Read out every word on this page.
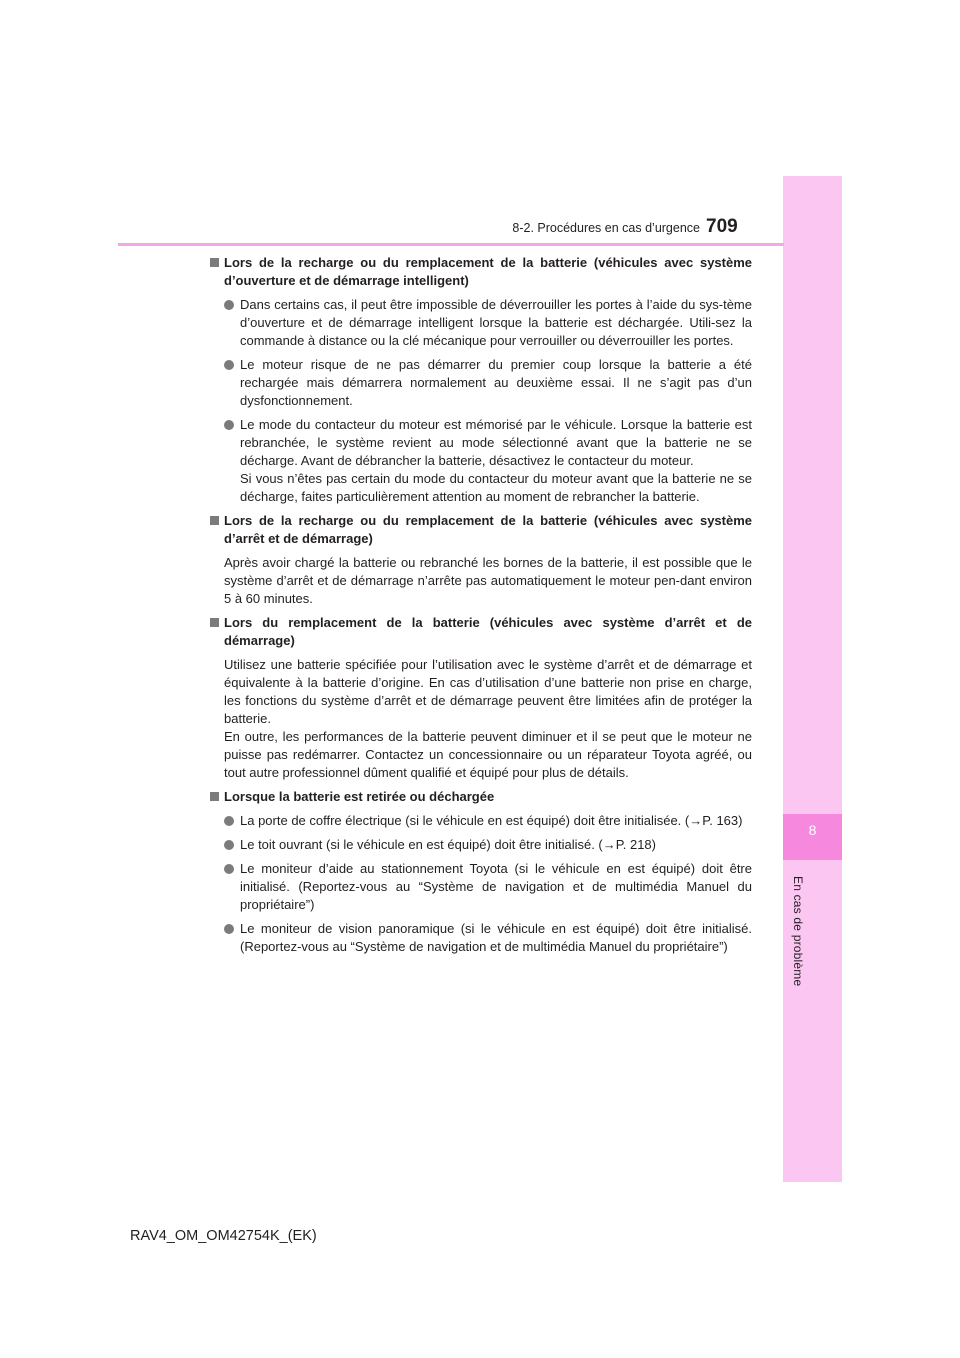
8
En cas de problème
8-2. Procédures en cas d’urgence 709
Lors de la recharge ou du remplacement de la batterie (véhicules avec système d’ouverture et de démarrage intelligent)
Dans certains cas, il peut être impossible de déverrouiller les portes à l’aide du sys-tème d’ouverture et de démarrage intelligent lorsque la batterie est déchargée. Utili-sez la commande à distance ou la clé mécanique pour verrouiller ou déverrouiller les portes.
Le moteur risque de ne pas démarrer du premier coup lorsque la batterie a été rechargée mais démarrera normalement au deuxième essai. Il ne s’agit pas d’un dysfonctionnement.
Le mode du contacteur du moteur est mémorisé par le véhicule. Lorsque la batterie est rebranchée, le système revient au mode sélectionné avant que la batterie ne se décharge. Avant de débrancher la batterie, désactivez le contacteur du moteur.
Si vous n’êtes pas certain du mode du contacteur du moteur avant que la batterie ne se décharge, faites particulièrement attention au moment de rebrancher la batterie.
Lors de la recharge ou du remplacement de la batterie (véhicules avec système d’arrêt et de démarrage)
Après avoir chargé la batterie ou rebranché les bornes de la batterie, il est possible que le système d’arrêt et de démarrage n’arrête pas automatiquement le moteur pen-dant environ 5 à 60 minutes.
Lors du remplacement de la batterie (véhicules avec système d’arrêt et de démarrage)
Utilisez une batterie spécifiée pour l’utilisation avec le système d’arrêt et de démarrage et équivalente à la batterie d’origine. En cas d’utilisation d’une batterie non prise en charge, les fonctions du système d’arrêt et de démarrage peuvent être limitées afin de protéger la batterie.
En outre, les performances de la batterie peuvent diminuer et il se peut que le moteur ne puisse pas redémarrer. Contactez un concessionnaire ou un réparateur Toyota agréé, ou tout autre professionnel dûment qualifié et équipé pour plus de détails.
Lorsque la batterie est retirée ou déchargée
La porte de coffre électrique (si le véhicule en est équipé) doit être initialisée. (→P. 163)
Le toit ouvrant (si le véhicule en est équipé) doit être initialisé. (→P. 218)
Le moniteur d’aide au stationnement Toyota (si le véhicule en est équipé) doit être initialisé. (Reportez-vous au “Système de navigation et de multimédia Manuel du propriétaire”)
Le moniteur de vision panoramique (si le véhicule en est équipé) doit être initialisé. (Reportez-vous au “Système de navigation et de multimédia Manuel du propriétaire”)
RAV4_OM_OM42754K_(EK)
